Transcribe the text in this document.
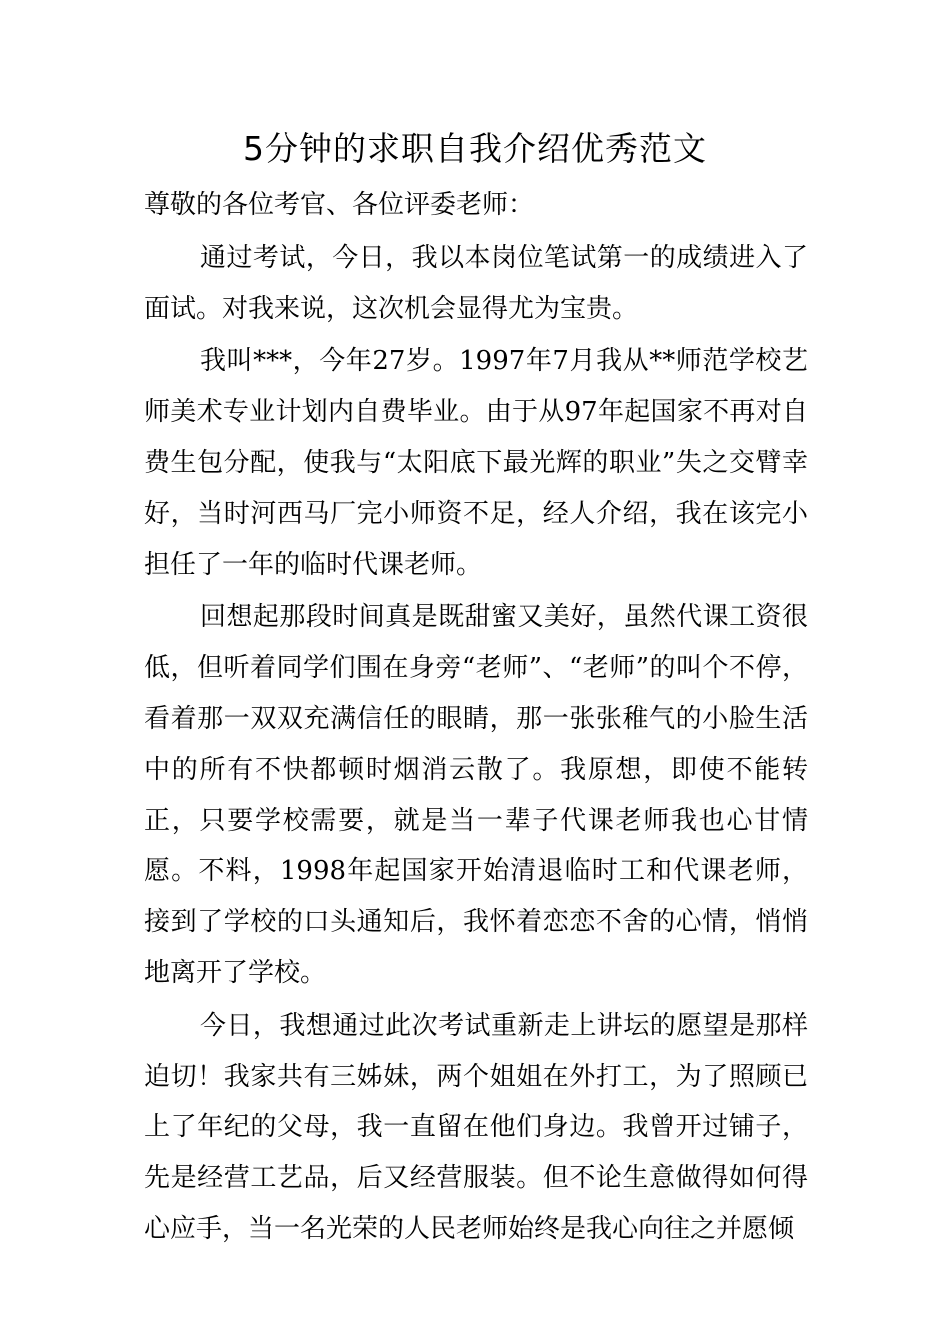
5分钟的求职自我介绍优秀范文

尊敬的各位考官、各位评委老师：

通过考试，今日，我以本岗位笔试第一的成绩进入了面试。对我来说，这次机会显得尤为宝贵。

我叫***，今年27岁。1997年7月我从**师范学校艺师美术专业计划内自费毕业。由于从97年起国家不再对自费生包分配，使我与“太阳底下最光辉的职业”失之交臂幸好，当时河西马厂完小师资不足，经人介绍，我在该完小担任了一年的临时代课老师。

回想起那段时间真是既甜蜜又美好，虽然代课工资很低，但听着同学们围在身旁“老师”、“老师”的叫个不停，看着那一双双充满信任的眼睛，那一张张稚气的小脸生活中的所有不快都顿时烟消云散了。我原想，即使不能转正，只要学校需要，就是当一辈子代课老师我也心甘情愿。不料，1998年起国家开始清退临时工和代课老师，接到了学校的口头通知后，我怀着恋恋不舍的心情，悄悄地离开了学校。

今日，我想通过此次考试重新走上讲坛的愿望是那样迫切！我家共有三姊妹，两个姐姐在外打工，为了照顾已上了年纪的父母，我一直留在他们身边。我曾开过铺子，先是经营工艺品，后又经营服装。但不论生意做得如何得心应手，当一名光荣的人民老师始终是我心向往之并愿倾
